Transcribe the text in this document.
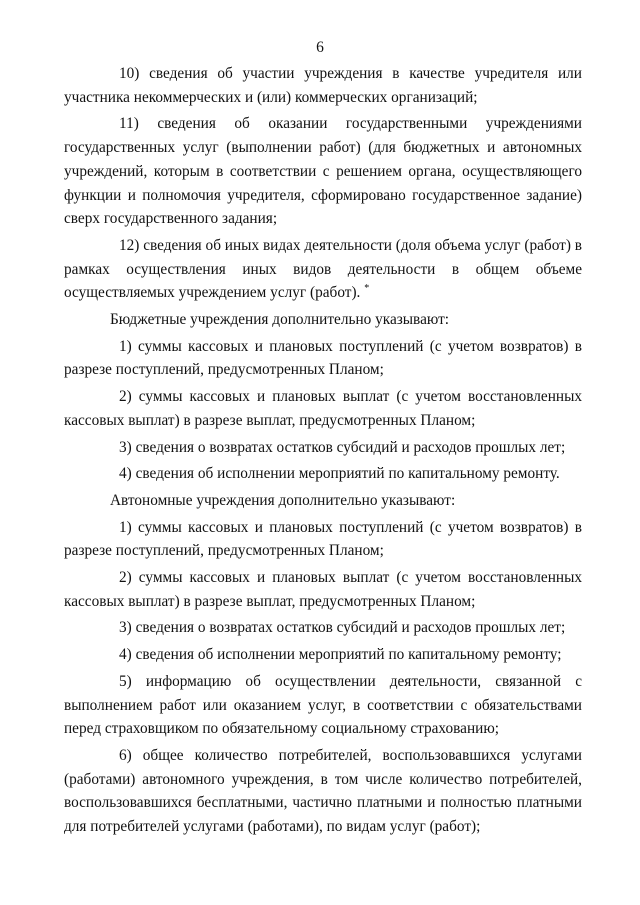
6

10) сведения об участии учреждения в качестве учредителя или участника некоммерческих и (или) коммерческих организаций;

11) сведения об оказании государственными учреждениями государственных услуг (выполнении работ) (для бюджетных и автономных учреждений, которым в соответствии с решением органа, осуществляющего функции и полномочия учредителя, сформировано государственное задание) сверх государственного задания;

12) сведения об иных видах деятельности (доля объема услуг (работ) в рамках осуществления иных видов деятельности в общем объеме осуществляемых учреждением услуг (работ). *

Бюджетные учреждения дополнительно указывают:

1) суммы кассовых и плановых поступлений (с учетом возвратов) в разрезе поступлений, предусмотренных Планом;

2) суммы кассовых и плановых выплат (с учетом восстановленных кассовых выплат) в разрезе выплат, предусмотренных Планом;

3) сведения о возвратах остатков субсидий и расходов прошлых лет;

4) сведения об исполнении мероприятий по капитальному ремонту.

Автономные учреждения дополнительно указывают:

1) суммы кассовых и плановых поступлений (с учетом возвратов) в разрезе поступлений, предусмотренных Планом;

2) суммы кассовых и плановых выплат (с учетом восстановленных кассовых выплат) в разрезе выплат, предусмотренных Планом;

3) сведения о возвратах остатков субсидий и расходов прошлых лет;

4) сведения об исполнении мероприятий по капитальному ремонту;

5) информацию об осуществлении деятельности, связанной с выполнением работ или оказанием услуг, в соответствии с обязательствами перед страховщиком по обязательному социальному страхованию;

6) общее количество потребителей, воспользовавшихся услугами (работами) автономного учреждения, в том числе количество потребителей, воспользовавшихся бесплатными, частично платными и полностью платными для потребителей услугами (работами), по видам услуг (работ);
